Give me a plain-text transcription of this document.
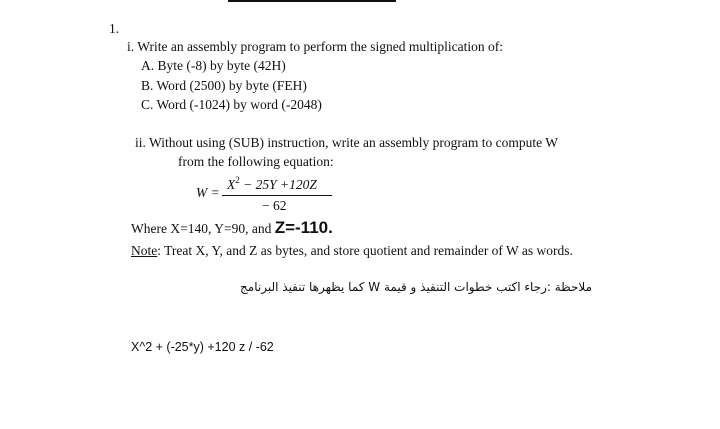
1.
i. Write an assembly program to perform the signed multiplication of:
A. Byte (-8) by byte (42H)
B. Word (2500) by byte (FEH)
C. Word (-1024) by word (-2048)
ii. Without using (SUB) instruction, write an assembly program to compute W
from the following equation:
W =
$X^2 - 25Y +120Z$
− 62
Where X=140, Y=90, and Z=-110.
Note: Treat X, Y, and Z as bytes, and store quotient and remainder of W as words.
ملاحظة :رجاء اكتب خطوات التنفيذ و قيمة W كما يظهرها تنفيذ البرنامج
X^2 + (-25*y) +120 z / -62
